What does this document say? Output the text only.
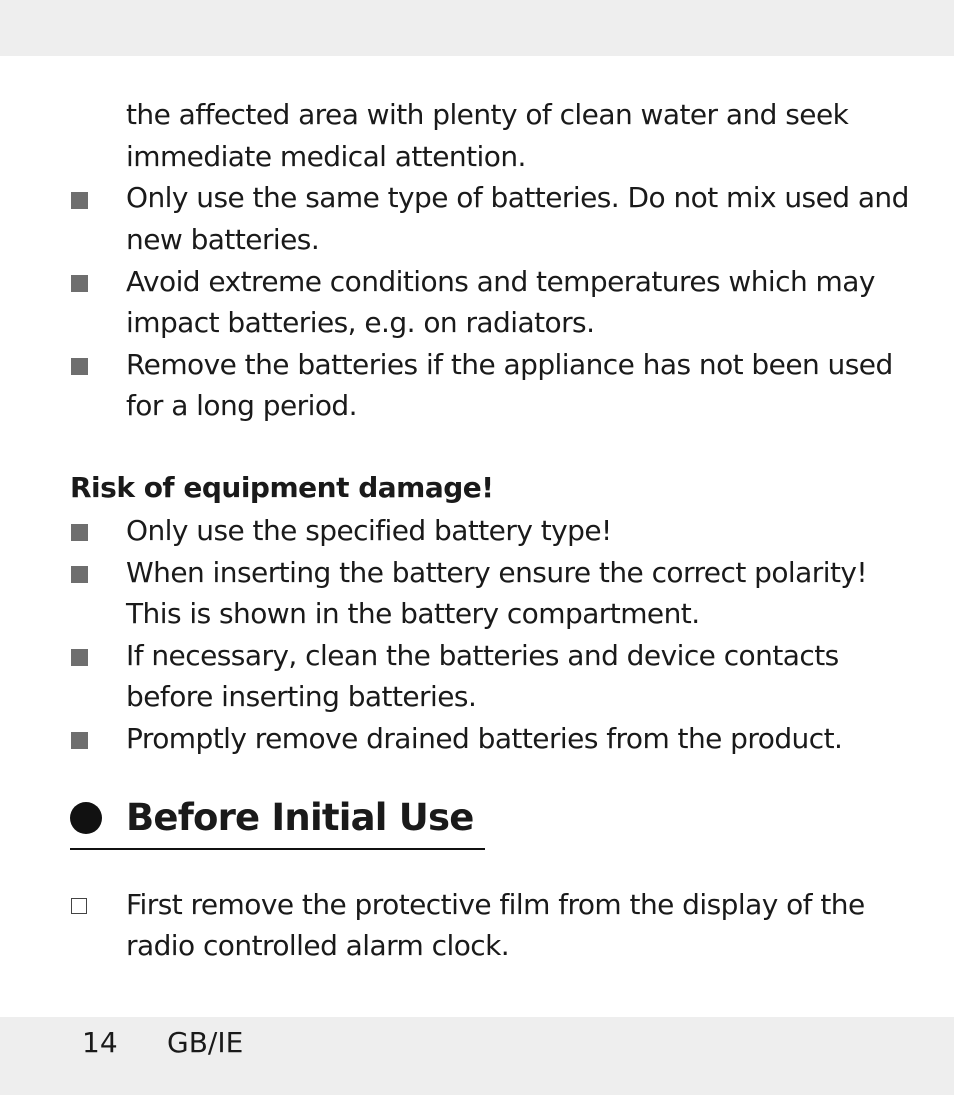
the affected area with plenty of clean water and seek
immediate medical attention.
Only use the same type of batteries. Do not mix used and
new batteries.
Avoid extreme conditions and temperatures which may
impact batteries, e.g. on radiators.
Remove the batteries if the appliance has not been used
for a long period.
Risk of equipment damage!
Only use the specified battery type!
When inserting the battery ensure the correct polarity!
This is shown in the battery compartment.
If necessary, clean the batteries and device contacts
before inserting batteries.
Promptly remove drained batteries from the product.
Before Initial Use
First remove the protective film from the display of the
radio controlled alarm clock.
14 GB/IE
